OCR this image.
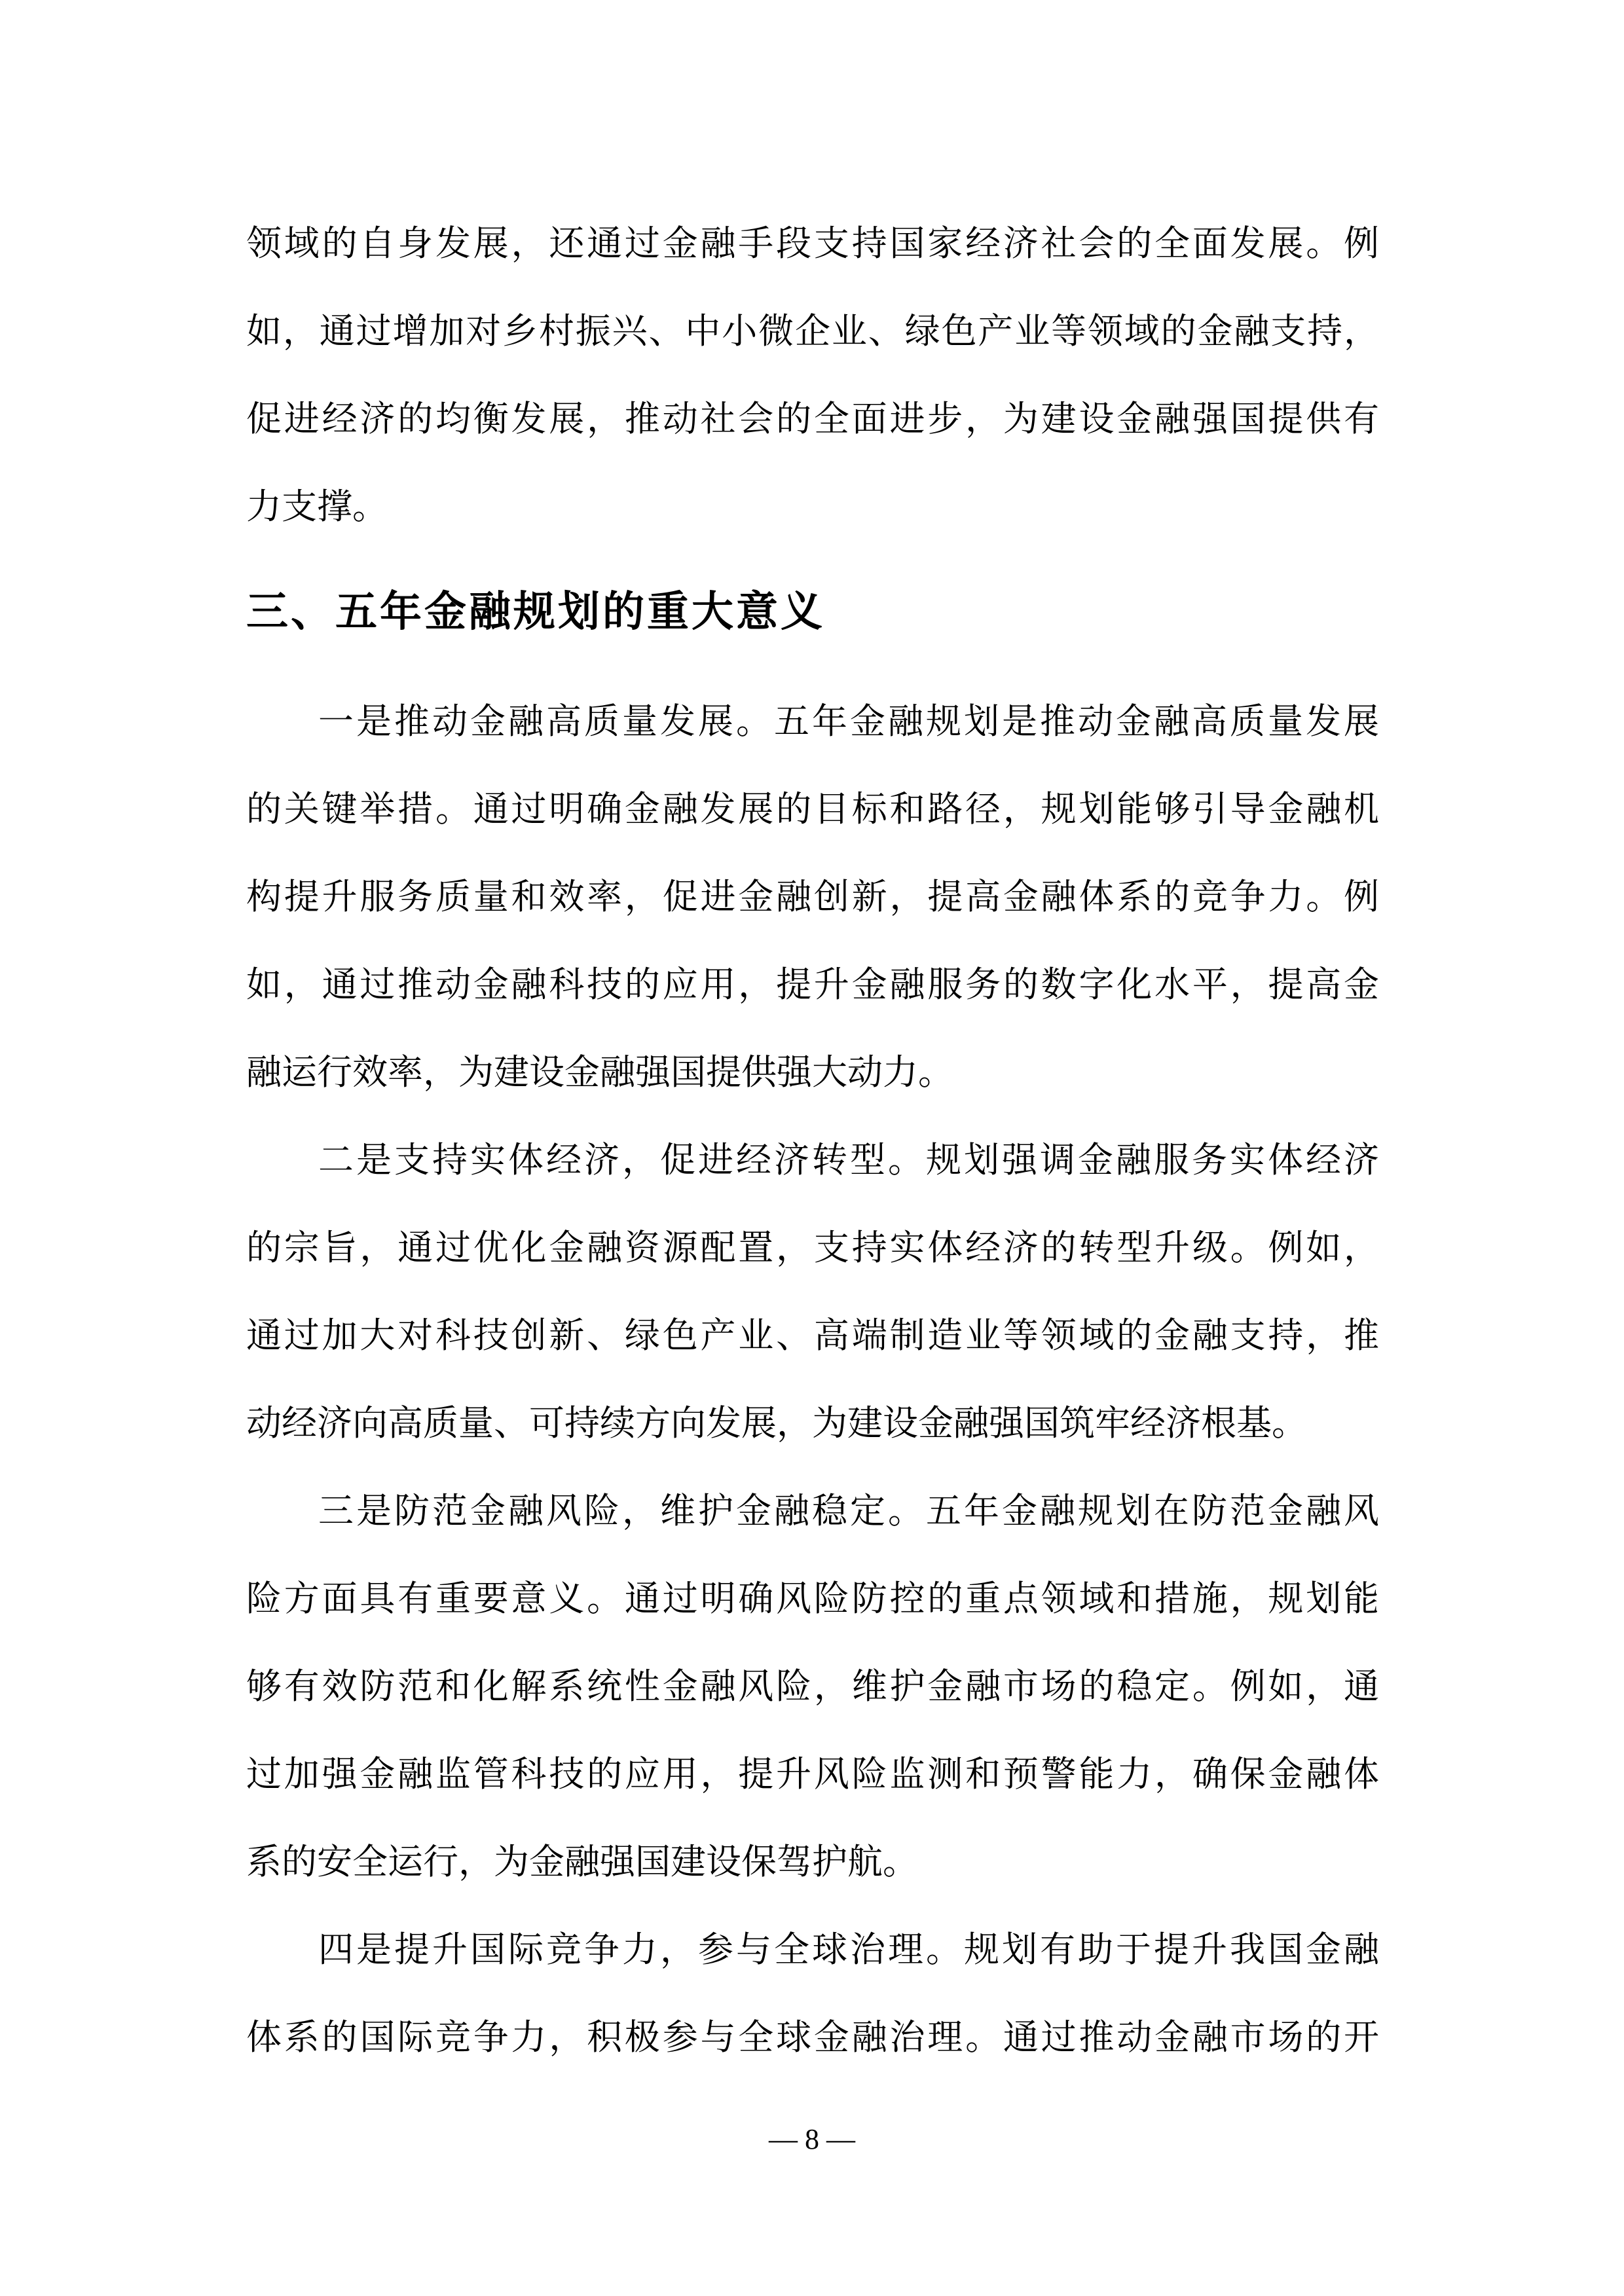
领域的自身发展，还通过金融手段支持国家经济社会的全面发展。例
如，通过增加对乡村振兴、中小微企业、绿色产业等领域的金融支持，
促进经济的均衡发展，推动社会的全面进步，为建设金融强国提供有
力支撑。

三、五年金融规划的重大意义

一是推动金融高质量发展。五年金融规划是推动金融高质量发展
的关键举措。通过明确金融发展的目标和路径，规划能够引导金融机
构提升服务质量和效率，促进金融创新，提高金融体系的竞争力。例
如，通过推动金融科技的应用，提升金融服务的数字化水平，提高金
融运行效率，为建设金融强国提供强大动力。

二是支持实体经济，促进经济转型。规划强调金融服务实体经济
的宗旨，通过优化金融资源配置，支持实体经济的转型升级。例如，
通过加大对科技创新、绿色产业、高端制造业等领域的金融支持，推
动经济向高质量、可持续方向发展，为建设金融强国筑牢经济根基。

三是防范金融风险，维护金融稳定。五年金融规划在防范金融风
险方面具有重要意义。通过明确风险防控的重点领域和措施，规划能
够有效防范和化解系统性金融风险，维护金融市场的稳定。例如，通
过加强金融监管科技的应用，提升风险监测和预警能力，确保金融体
系的安全运行，为金融强国建设保驾护航。

四是提升国际竞争力，参与全球治理。规划有助于提升我国金融
体系的国际竞争力，积极参与全球金融治理。通过推动金融市场的开

— 8 —
